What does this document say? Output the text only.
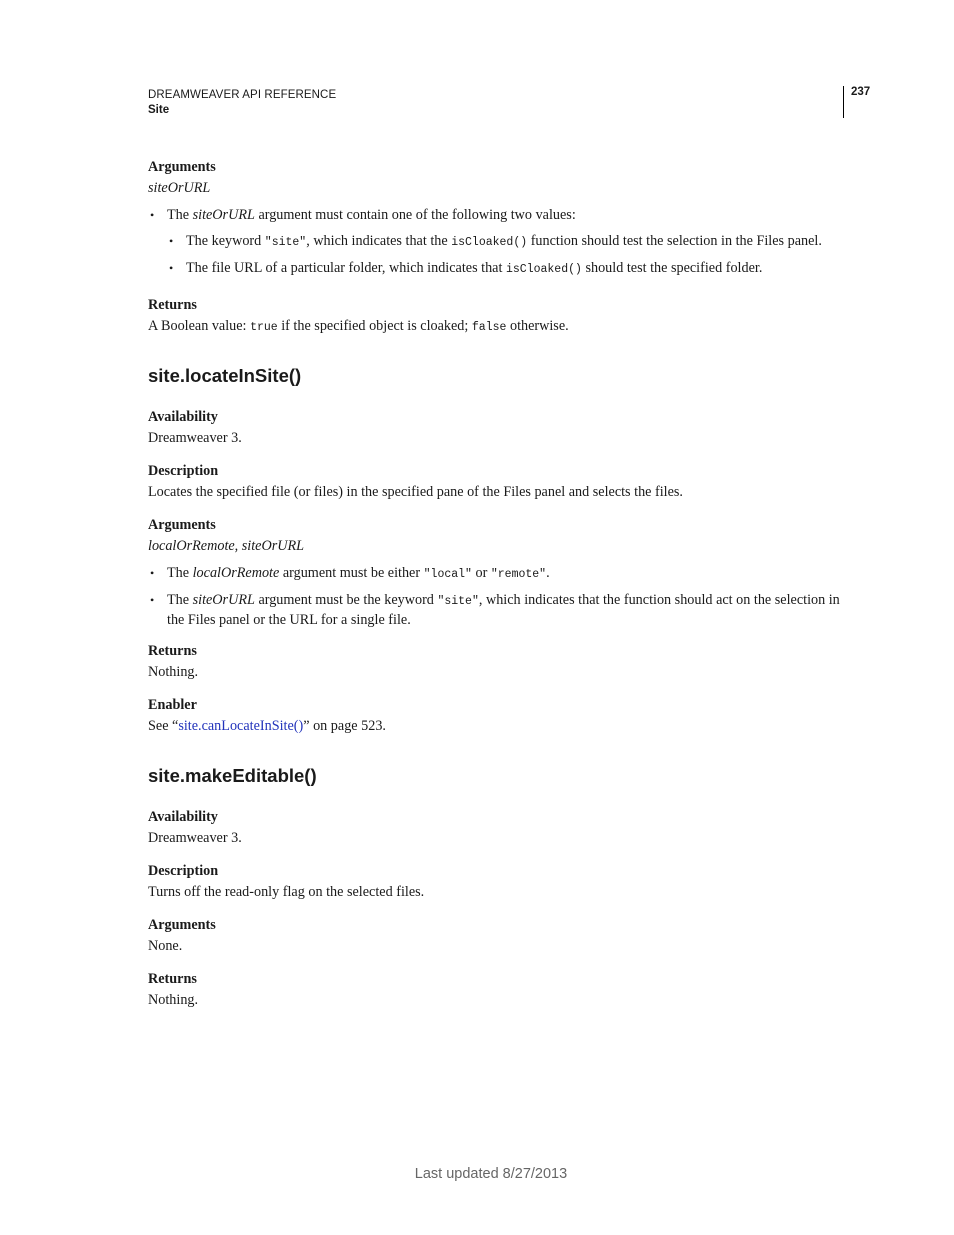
DREAMWEAVER API REFERENCE
Site
237

Arguments

siteOrURL

• The siteOrURL argument must contain one of the following two values:
• The keyword "site", which indicates that the isCloaked() function should test the selection in the Files panel.
• The file URL of a particular folder, which indicates that isCloaked() should test the specified folder.

Returns

A Boolean value: true if the specified object is cloaked; false otherwise.

site.locateInSite()

Availability

Dreamweaver 3.

Description

Locates the specified file (or files) in the specified pane of the Files panel and selects the files.

Arguments

localOrRemote, siteOrURL

• The localOrRemote argument must be either "local" or "remote".
• The siteOrURL argument must be the keyword "site", which indicates that the function should act on the selection in the Files panel or the URL for a single file.

Returns

Nothing.

Enabler

See “site.canLocateInSite()” on page 523.

site.makeEditable()

Availability

Dreamweaver 3.

Description

Turns off the read-only flag on the selected files.

Arguments

None.

Returns

Nothing.

Last updated 8/27/2013
